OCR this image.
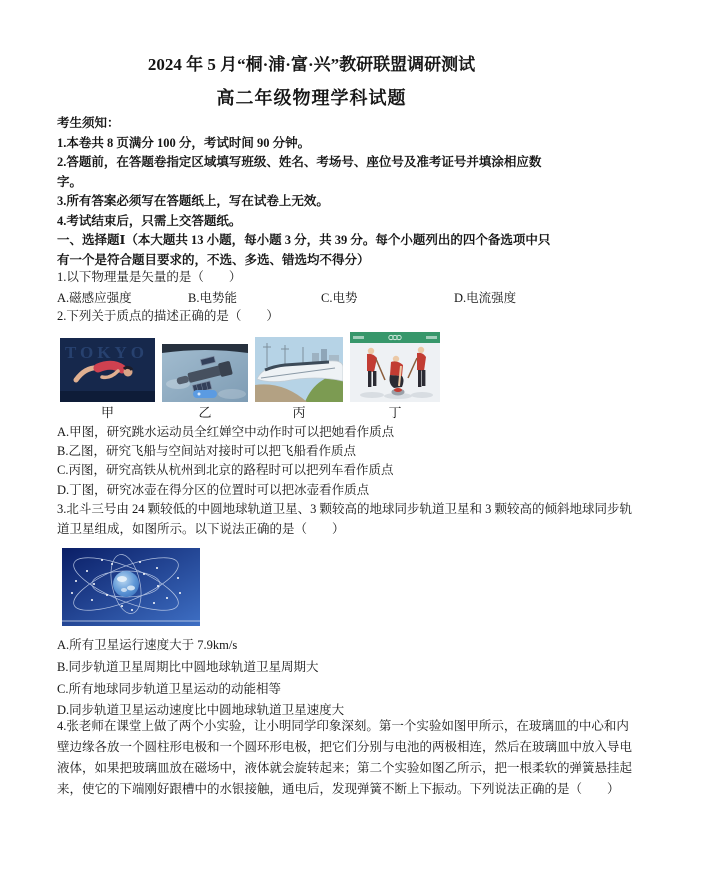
2024 年 5 月“桐·浦·富·兴”教研联盟调研测试
高二年级物理学科试题
考生须知：
1.本卷共 8 页满分 100 分，考试时间 90 分钟。
2.答题前，在答题卷指定区域填写班级、姓名、考场号、座位号及准考证号并填涂相应数
字。
3.所有答案必须写在答题纸上，写在试卷上无效。
4.考试结束后，只需上交答题纸。
一、选择题Ⅰ（本大题共 13 小题，每小题 3 分，共 39 分。每个小题列出的四个备选项中只
有一个是符合题目要求的，不选、多选、错选均不得分）
1.以下物理量是矢量的是（　　）
A.磁感应强度	B.电势能	C.电势	D.电流强度
2.下列关于质点的描述正确的是（　　）
TOKYO
甲	乙	丙	丁
A.甲图，研究跳水运动员全红婵空中动作时可以把她看作质点
B.乙图，研究飞船与空间站对接时可以把飞船看作质点
C.丙图，研究高铁从杭州到北京的路程时可以把列车看作质点
D.丁图，研究冰壶在得分区的位置时可以把冰壶看作质点
3.北斗三号由 24 颗较低的中圆地球轨道卫星、3 颗较高的地球同步轨道卫星和 3 颗较高的倾斜地球同步轨
道卫星组成，如图所示。以下说法正确的是（　　）
A.所有卫星运行速度大于 7.9km/s
B.同步轨道卫星周期比中圆地球轨道卫星周期大
C.所有地球同步轨道卫星运动的动能相等
D.同步轨道卫星运动速度比中圆地球轨道卫星速度大
4.张老师在课堂上做了两个小实验，让小明同学印象深刻。第一个实验如图甲所示，在玻璃皿的中心和内
壁边缘各放一个圆柱形电极和一个圆环形电极，把它们分别与电池的两极相连，然后在玻璃皿中放入导电
液体，如果把玻璃皿放在磁场中，液体就会旋转起来；第二个实验如图乙所示，把一根柔软的弹簧悬挂起
来，使它的下端刚好跟槽中的水银接触，通电后，发现弹簧不断上下振动。下列说法正确的是（　　）
